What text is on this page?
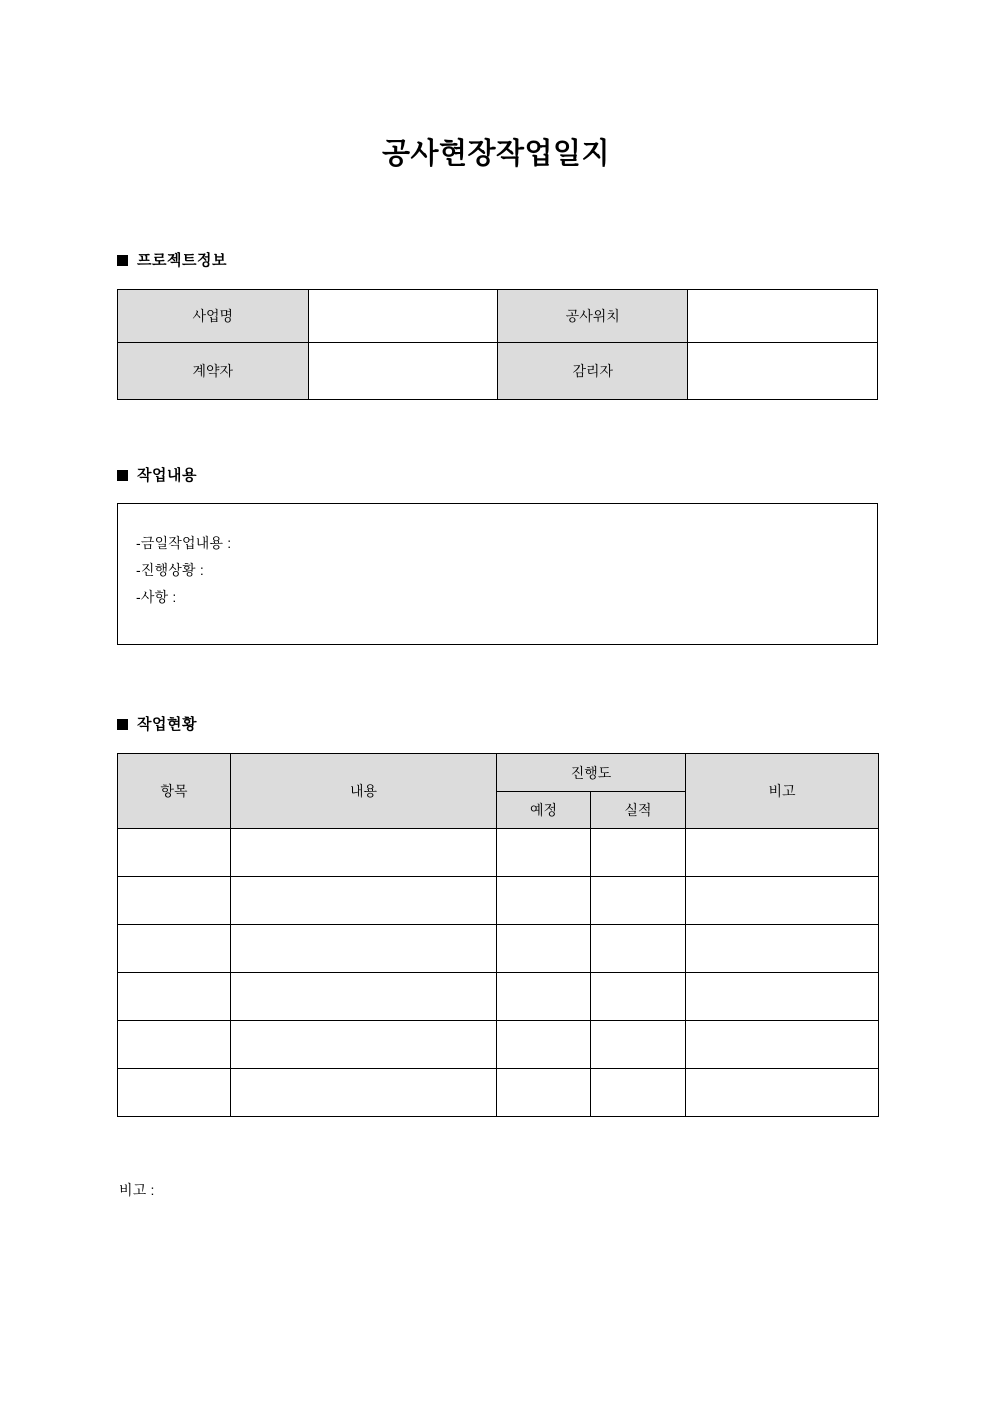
공사현장작업일지
프로젝트정보
사업명		공사위치	
계약자		감리자	
작업내용
-금일작업내용 :
-진행상황 :
-사항 :
작업현황
항목	내용	진행도		비고
		예정	실적	

비고 :
